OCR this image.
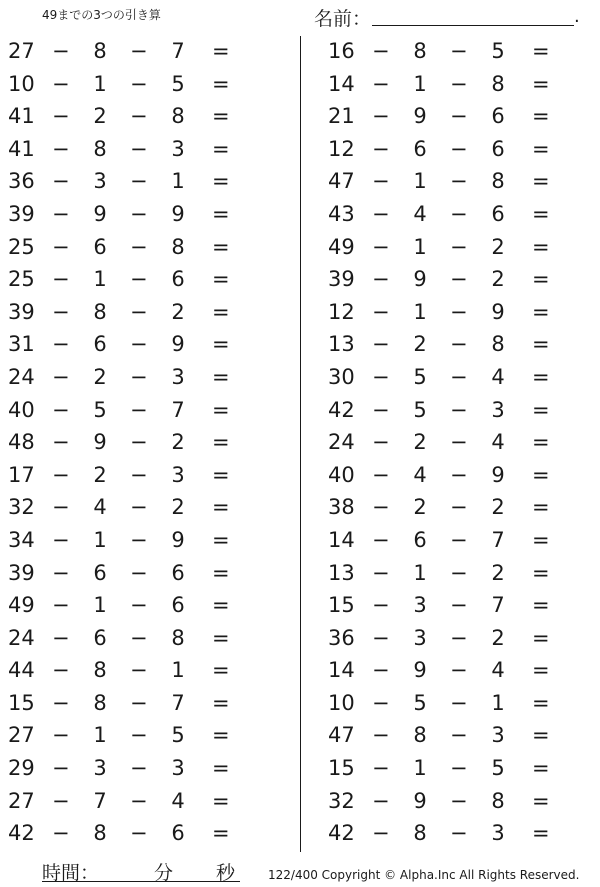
49までの3つの引き算	名前：	.
27 − 8 − 7 =
10 − 1 − 5 =
41 − 2 − 8 =
41 − 8 − 3 =
36 − 3 − 1 =
39 − 9 − 9 =
25 − 6 − 8 =
25 − 1 − 6 =
39 − 8 − 2 =
31 − 6 − 9 =
24 − 2 − 3 =
40 − 5 − 7 =
48 − 9 − 2 =
17 − 2 − 3 =
32 − 4 − 2 =
34 − 1 − 9 =
39 − 6 − 6 =
49 − 1 − 6 =
24 − 6 − 8 =
44 − 8 − 1 =
15 − 8 − 7 =
27 − 1 − 5 =
29 − 3 − 3 =
27 − 7 − 4 =
42 − 8 − 6 =
16 − 8 − 5 =
14 − 1 − 8 =
21 − 9 − 6 =
12 − 6 − 6 =
47 − 1 − 8 =
43 − 4 − 6 =
49 − 1 − 2 =
39 − 9 − 2 =
12 − 1 − 9 =
13 − 2 − 8 =
30 − 5 − 4 =
42 − 5 − 3 =
24 − 2 − 4 =
40 − 4 − 9 =
38 − 2 − 2 =
14 − 6 − 7 =
13 − 1 − 2 =
15 − 3 − 7 =
36 − 3 − 2 =
14 − 9 − 4 =
10 − 5 − 1 =
47 − 8 − 3 =
15 − 1 − 5 =
32 − 9 − 8 =
42 − 8 − 3 =
時間：	分 秒	122/400 Copyright © Alpha.Inc All Rights Reserved.
